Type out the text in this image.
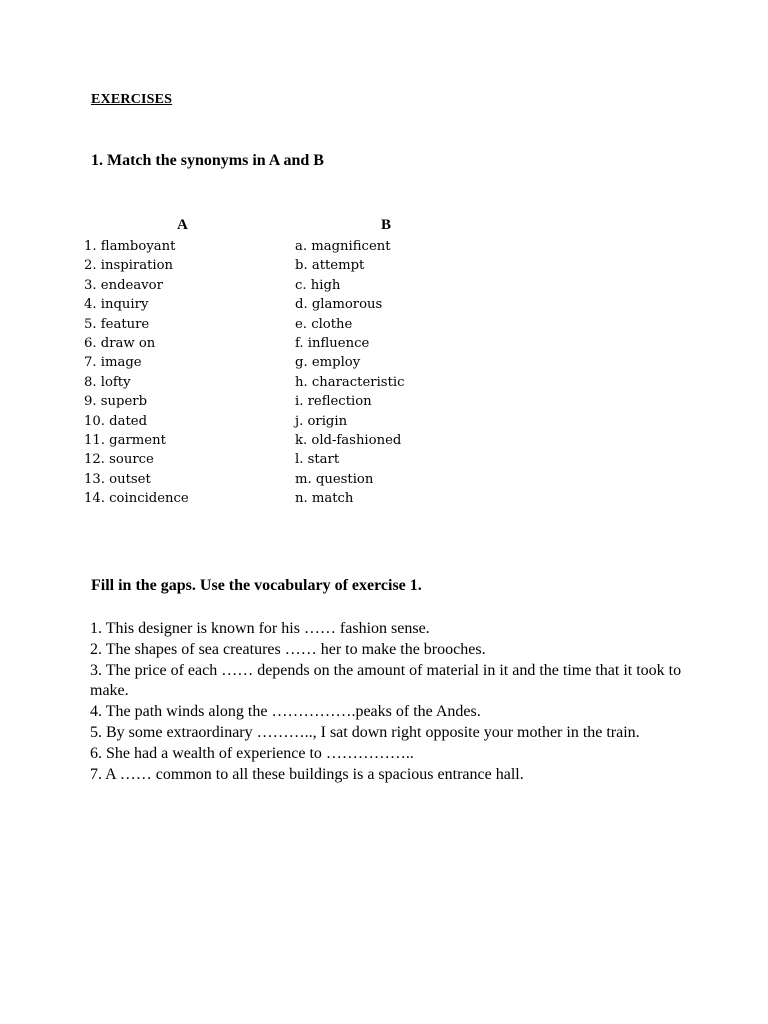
EXERCISES
1. Match the synonyms in A and B
A	B
1. flamboyant
2. inspiration
3. endeavor
4. inquiry
5. feature
6. draw on
7. image
8. lofty
9. superb
10. dated
11. garment
12. source
13. outset
14. coincidence
a. magnificent
b. attempt
c. high
d. glamorous
e. clothe
f. influence
g. employ
h. characteristic
i. reflection
j. origin
k. old-fashioned
l. start
m. question
n. match
Fill in the gaps. Use the vocabulary of exercise 1.
1. This designer is known for his …… fashion sense.
2. The shapes of sea creatures …… her to make the brooches.
3. The price of each …… depends on the amount of material in it and the time that it took to make.
4. The path winds along the …………….peaks of the Andes.
5. By some extraordinary ……….., I sat down right opposite your mother in the train.
6. She had a wealth of experience to ……………..
7. A …… common to all these buildings is a spacious entrance hall.
